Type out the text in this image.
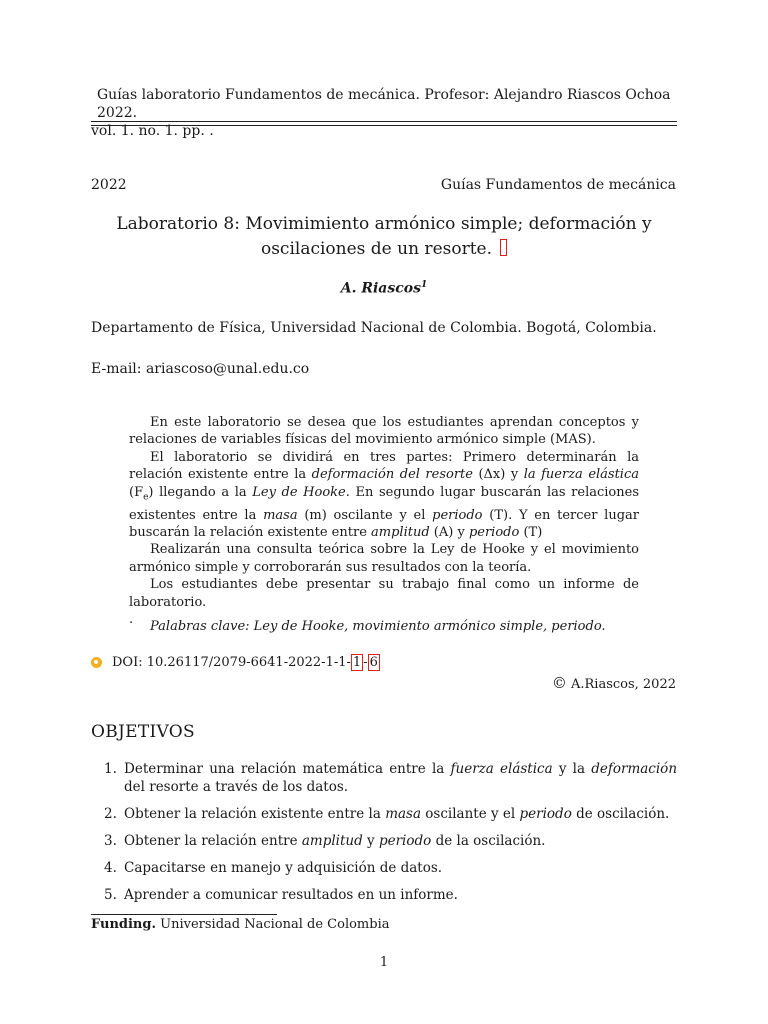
Guías laboratorio Fundamentos de mecánica. Profesor: Alejandro Riascos Ochoa 2022.
vol. 1. no. 1. pp. .
2022	Guías Fundamentos de mecánica
Laboratorio 8: Movimimiento armónico simple; deformación y
oscilaciones de un resorte.
A. Riascos$^1$
Departamento de Física, Universidad Nacional de Colombia. Bogotá, Colombia.
E-mail: ariascoso@unal.edu.co

En este laboratorio se desea que los estudiantes aprendan conceptos y relaciones de variables físicas del movimiento armónico simple (MAS).

El laboratorio se dividirá en tres partes: Primero determinarán la relación existente entre la deformación del resorte (Δx) y la fuerza elástica $(F_e)$ llegando a la Ley de Hooke. En segundo lugar buscarán las relaciones existentes entre la masa (m) oscilante y el periodo (T). Y en tercer lugar buscarán la relación existente entre amplitud (A) y periodo (T)

Realizarán una consulta teórica sobre la Ley de Hooke y el movimiento armónico simple y corroborarán sus resultados con la teoría.

Los estudiantes debe presentar su trabajo final como un informe de laboratorio.

.	Palabras clave: Ley de Hooke, movimiento armónico simple, periodo.
DOI: 10.26117/2079-6641-2022-1-1- 1 - 6
© A.Riascos, 2022
OBJETIVOS
1. Determinar una relación matemática entre la fuerza elástica y la deformación del resorte a través de los datos.
2. Obtener la relación existente entre la masa oscilante y el periodo de oscilación.
3. Obtener la relación entre amplitud y periodo de la oscilación.
4. Capacitarse en manejo y adquisición de datos.
5. Aprender a comunicar resultados en un informe.
Funding. Universidad Nacional de Colombia
1
